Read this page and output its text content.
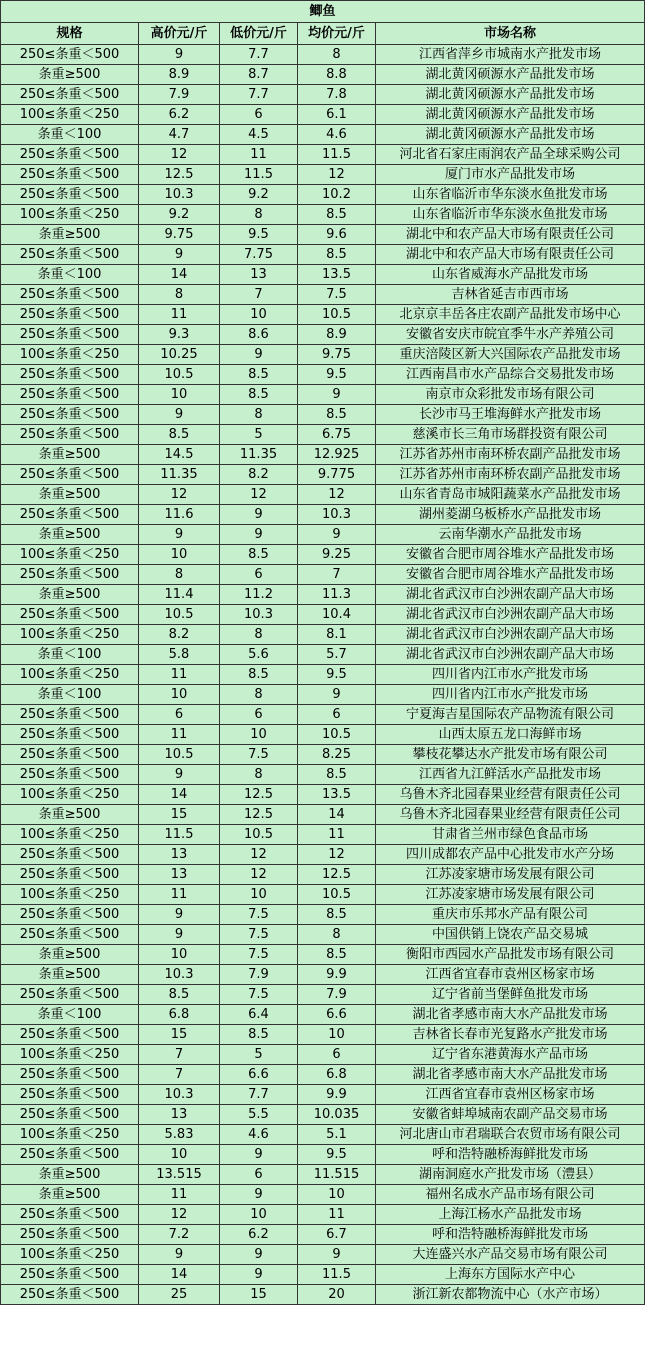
鲫鱼				
规格	高价元/斤	低价元/斤	均价元/斤	市场名称
250≤条重＜500	9	7.7	8	江西省萍乡市城南水产批发市场
条重≥500	8.9	8.7	8.8	湖北黄冈硕源水产品批发市场
250≤条重＜500	7.9	7.7	7.8	湖北黄冈硕源水产品批发市场
100≤条重＜250	6.2	6	6.1	湖北黄冈硕源水产品批发市场
条重＜100	4.7	4.5	4.6	湖北黄冈硕源水产品批发市场
250≤条重＜500	12	11	11.5	河北省石家庄雨润农产品全球采购公司
250≤条重＜500	12.5	11.5	12	厦门市水产品批发市场
250≤条重＜500	10.3	9.2	10.2	山东省临沂市华东淡水鱼批发市场
100≤条重＜250	9.2	8	8.5	山东省临沂市华东淡水鱼批发市场
条重≥500	9.75	9.5	9.6	湖北中和农产品大市场有限责任公司
250≤条重＜500	9	7.75	8.5	湖北中和农产品大市场有限责任公司
条重＜100	14	13	13.5	山东省威海水产品批发市场
250≤条重＜500	8	7	7.5	吉林省延吉市西市场
250≤条重＜500	11	10	10.5	北京京丰岳各庄农副产品批发市场中心
250≤条重＜500	9.3	8.6	8.9	安徽省安庆市皖宜季牛水产养殖公司
100≤条重＜250	10.25	9	9.75	重庆涪陵区新大兴国际农产品批发市场
250≤条重＜500	10.5	8.5	9.5	江西南昌市水产品综合交易批发市场
250≤条重＜500	10	8.5	9	南京市众彩批发市场有限公司
250≤条重＜500	9	8	8.5	长沙市马王堆海鲜水产批发市场
250≤条重＜500	8.5	5	6.75	慈溪市长三角市场群投资有限公司
条重≥500	14.5	11.35	12.925	江苏省苏州市南环桥农副产品批发市场
250≤条重＜500	11.35	8.2	9.775	江苏省苏州市南环桥农副产品批发市场
条重≥500	12	12	12	山东省青岛市城阳蔬菜水产品批发市场
250≤条重＜500	11.6	9	10.3	湖州菱湖乌板桥水产品批发市场
条重≥500	9	9	9	云南华潮水产品批发市场
100≤条重＜250	10	8.5	9.25	安徽省合肥市周谷堆水产品批发市场
250≤条重＜500	8	6	7	安徽省合肥市周谷堆水产品批发市场
条重≥500	11.4	11.2	11.3	湖北省武汉市白沙洲农副产品大市场
250≤条重＜500	10.5	10.3	10.4	湖北省武汉市白沙洲农副产品大市场
100≤条重＜250	8.2	8	8.1	湖北省武汉市白沙洲农副产品大市场
条重＜100	5.8	5.6	5.7	湖北省武汉市白沙洲农副产品大市场
100≤条重＜250	11	8.5	9.5	四川省内江市水产批发市场
条重＜100	10	8	9	四川省内江市水产批发市场
250≤条重＜500	6	6	6	宁夏海吉星国际农产品物流有限公司
250≤条重＜500	11	10	10.5	山西太原五龙口海鲜市场
250≤条重＜500	10.5	7.5	8.25	攀枝花攀达水产批发市场有限公司
250≤条重＜500	9	8	8.5	江西省九江鲜活水产品批发市场
100≤条重＜250	14	12.5	13.5	乌鲁木齐北园春果业经营有限责任公司
条重≥500	15	12.5	14	乌鲁木齐北园春果业经营有限责任公司
100≤条重＜250	11.5	10.5	11	甘肃省兰州市绿色食品市场
250≤条重＜500	13	12	12	四川成都农产品中心批发市水产分场
250≤条重＜500	13	12	12.5	江苏凌家塘市场发展有限公司
100≤条重＜250	11	10	10.5	江苏凌家塘市场发展有限公司
250≤条重＜500	9	7.5	8.5	重庆市乐邦水产品有限公司
250≤条重＜500	9	7.5	8	中国供销上饶农产品交易城
条重≥500	10	7.5	8.5	衡阳市西园水产品批发市场有限公司
条重≥500	10.3	7.9	9.9	江西省宜春市袁州区杨家市场
250≤条重＜500	8.5	7.5	7.9	辽宁省前当堡鲜鱼批发市场
条重＜100	6.8	6.4	6.6	湖北省孝感市南大水产品批发市场
250≤条重＜500	15	8.5	10	吉林省长春市光复路水产批发市场
100≤条重＜250	7	5	6	辽宁省东港黄海水产品市场
250≤条重＜500	7	6.6	6.8	湖北省孝感市南大水产品批发市场
250≤条重＜500	10.3	7.7	9.9	江西省宜春市袁州区杨家市场
250≤条重＜500	13	5.5	10.035	安徽省蚌埠城南农副产品交易市场
100≤条重＜250	5.83	4.6	5.1	河北唐山市君瑞联合农贸市场有限公司
250≤条重＜500	10	9	9.5	呼和浩特融桥海鲜批发市场
条重≥500	13.515	6	11.515	湖南洞庭水产批发市场（澧县）
条重≥500	11	9	10	福州名成水产品市场有限公司
250≤条重＜500	12	10	11	上海江杨水产品批发市场
250≤条重＜500	7.2	6.2	6.7	呼和浩特融桥海鲜批发市场
100≤条重＜250	9	9	9	大连盛兴水产品交易市场有限公司
250≤条重＜500	14	9	11.5	上海东方国际水产中心
250≤条重＜500	25	15	20	浙江新农都物流中心（水产市场）
